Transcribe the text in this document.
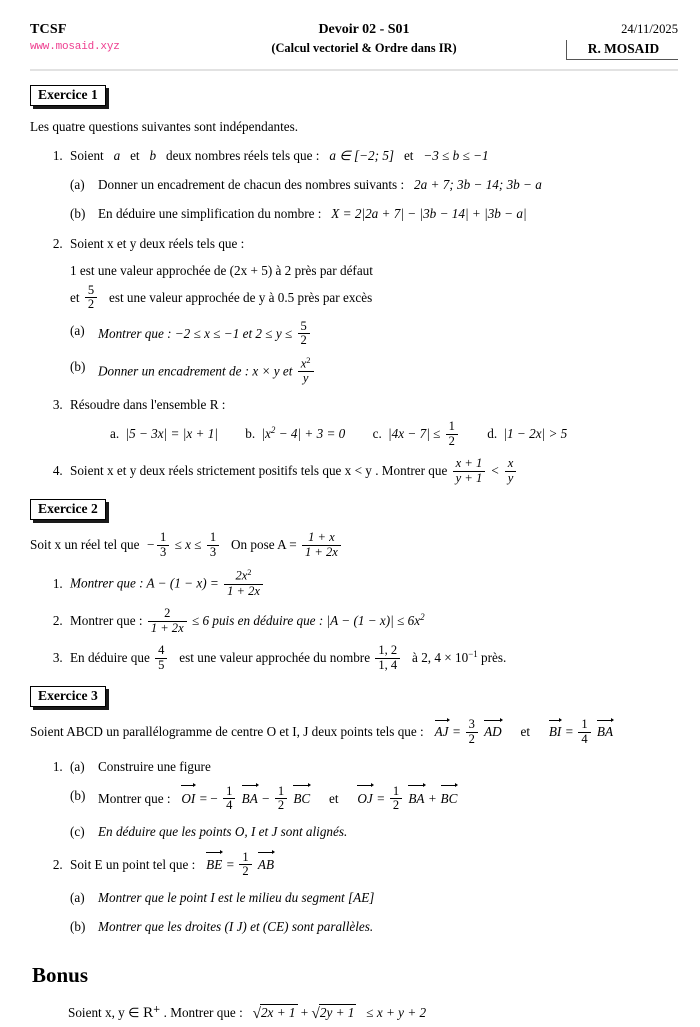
TCSF
www.mosaid.xyz
Devoir 02 - S01
(Calcul vectoriel & Ordre dans IR)
24/11/2025
R. MOSAID
Exercice 1
Les quatre questions suivantes sont indépendantes.
1. Soient a et b deux nombres réels tels que : a ∈ [−2; 5] et −3 ≤ b ≤ −1
Donner un encadrement de chacun des nombres suivants : 2a + 7; 3b − 14; 3b − a
En déduire une simplification du nombre : X = 2|2a + 7| − |3b − 14| + |3b − a|
2. Soient x et y deux réels tels que :
1 est une valeur approchée de (2x + 5) à 2 près par défaut
et $\frac{5}{2}$ est une valeur approchée de y à 0.5 près par excès
Montrer que : −2 ≤ x ≤ −1 et $2 \le y \le \frac{5}{2}$
Donner un encadrement de : x × y et $\frac{x^2}{y}$
3. Résoudre dans l'ensemble R :
|5 − 3x| = |x + 1|	$|x^2 - 4| + 3 = 0$	$|4x - 7| \le \frac{1}{2}$	|1 − 2x| > 5
4. Soient x et y deux réels strictement positifs tels que x < y . Montrer que $\frac{x + 1}{y + 1} < \frac{x}{y}$
Exercice 2
Soit x un réel tel que  − $\frac{1}{3} \le x \le \frac{1}{3}$ On pose $A = \frac{1 + x}{1 + 2x}$
1. Montrer que : $A - (1 - x) = \frac{2x^2}{1 + 2x}$
2. Montrer que : $\frac{2}{1 + 2x} \le 6$ puis en déduire que : $|A - (1 - x)| \le 6x^2$
3. En déduire que $\frac{4}{5}$ est une valeur approchée du nombre $\frac{1, 2}{1, 4}$ à 2, $4 \times 10^{-1}$ près.
Exercice 3
Soient ABCD un parallélogramme de centre O et I, J deux points tels que : AJ = $\frac{3}{2}$
AD et BI = $\frac{1}{4}$
BA
1. Construire une figure
Montrer que : OI = − $\frac{1}{4}$
BA − $\frac{1}{2}$
BC et OJ = $\frac{1}{2}$
BA + BC
En déduire que les points O, I et J sont alignés.
2. Soit E un point tel que : BE = $\frac{1}{2}$
AB
Montrer que le point I est le milieu du segment [AE]
Montrer que les droites (I J) et (CE) sont parallèles.
Bonus
Soient x, y ∈ R+ . Montrer que : √2x + 1 + √2y + 1 ≤ x + y + 2
